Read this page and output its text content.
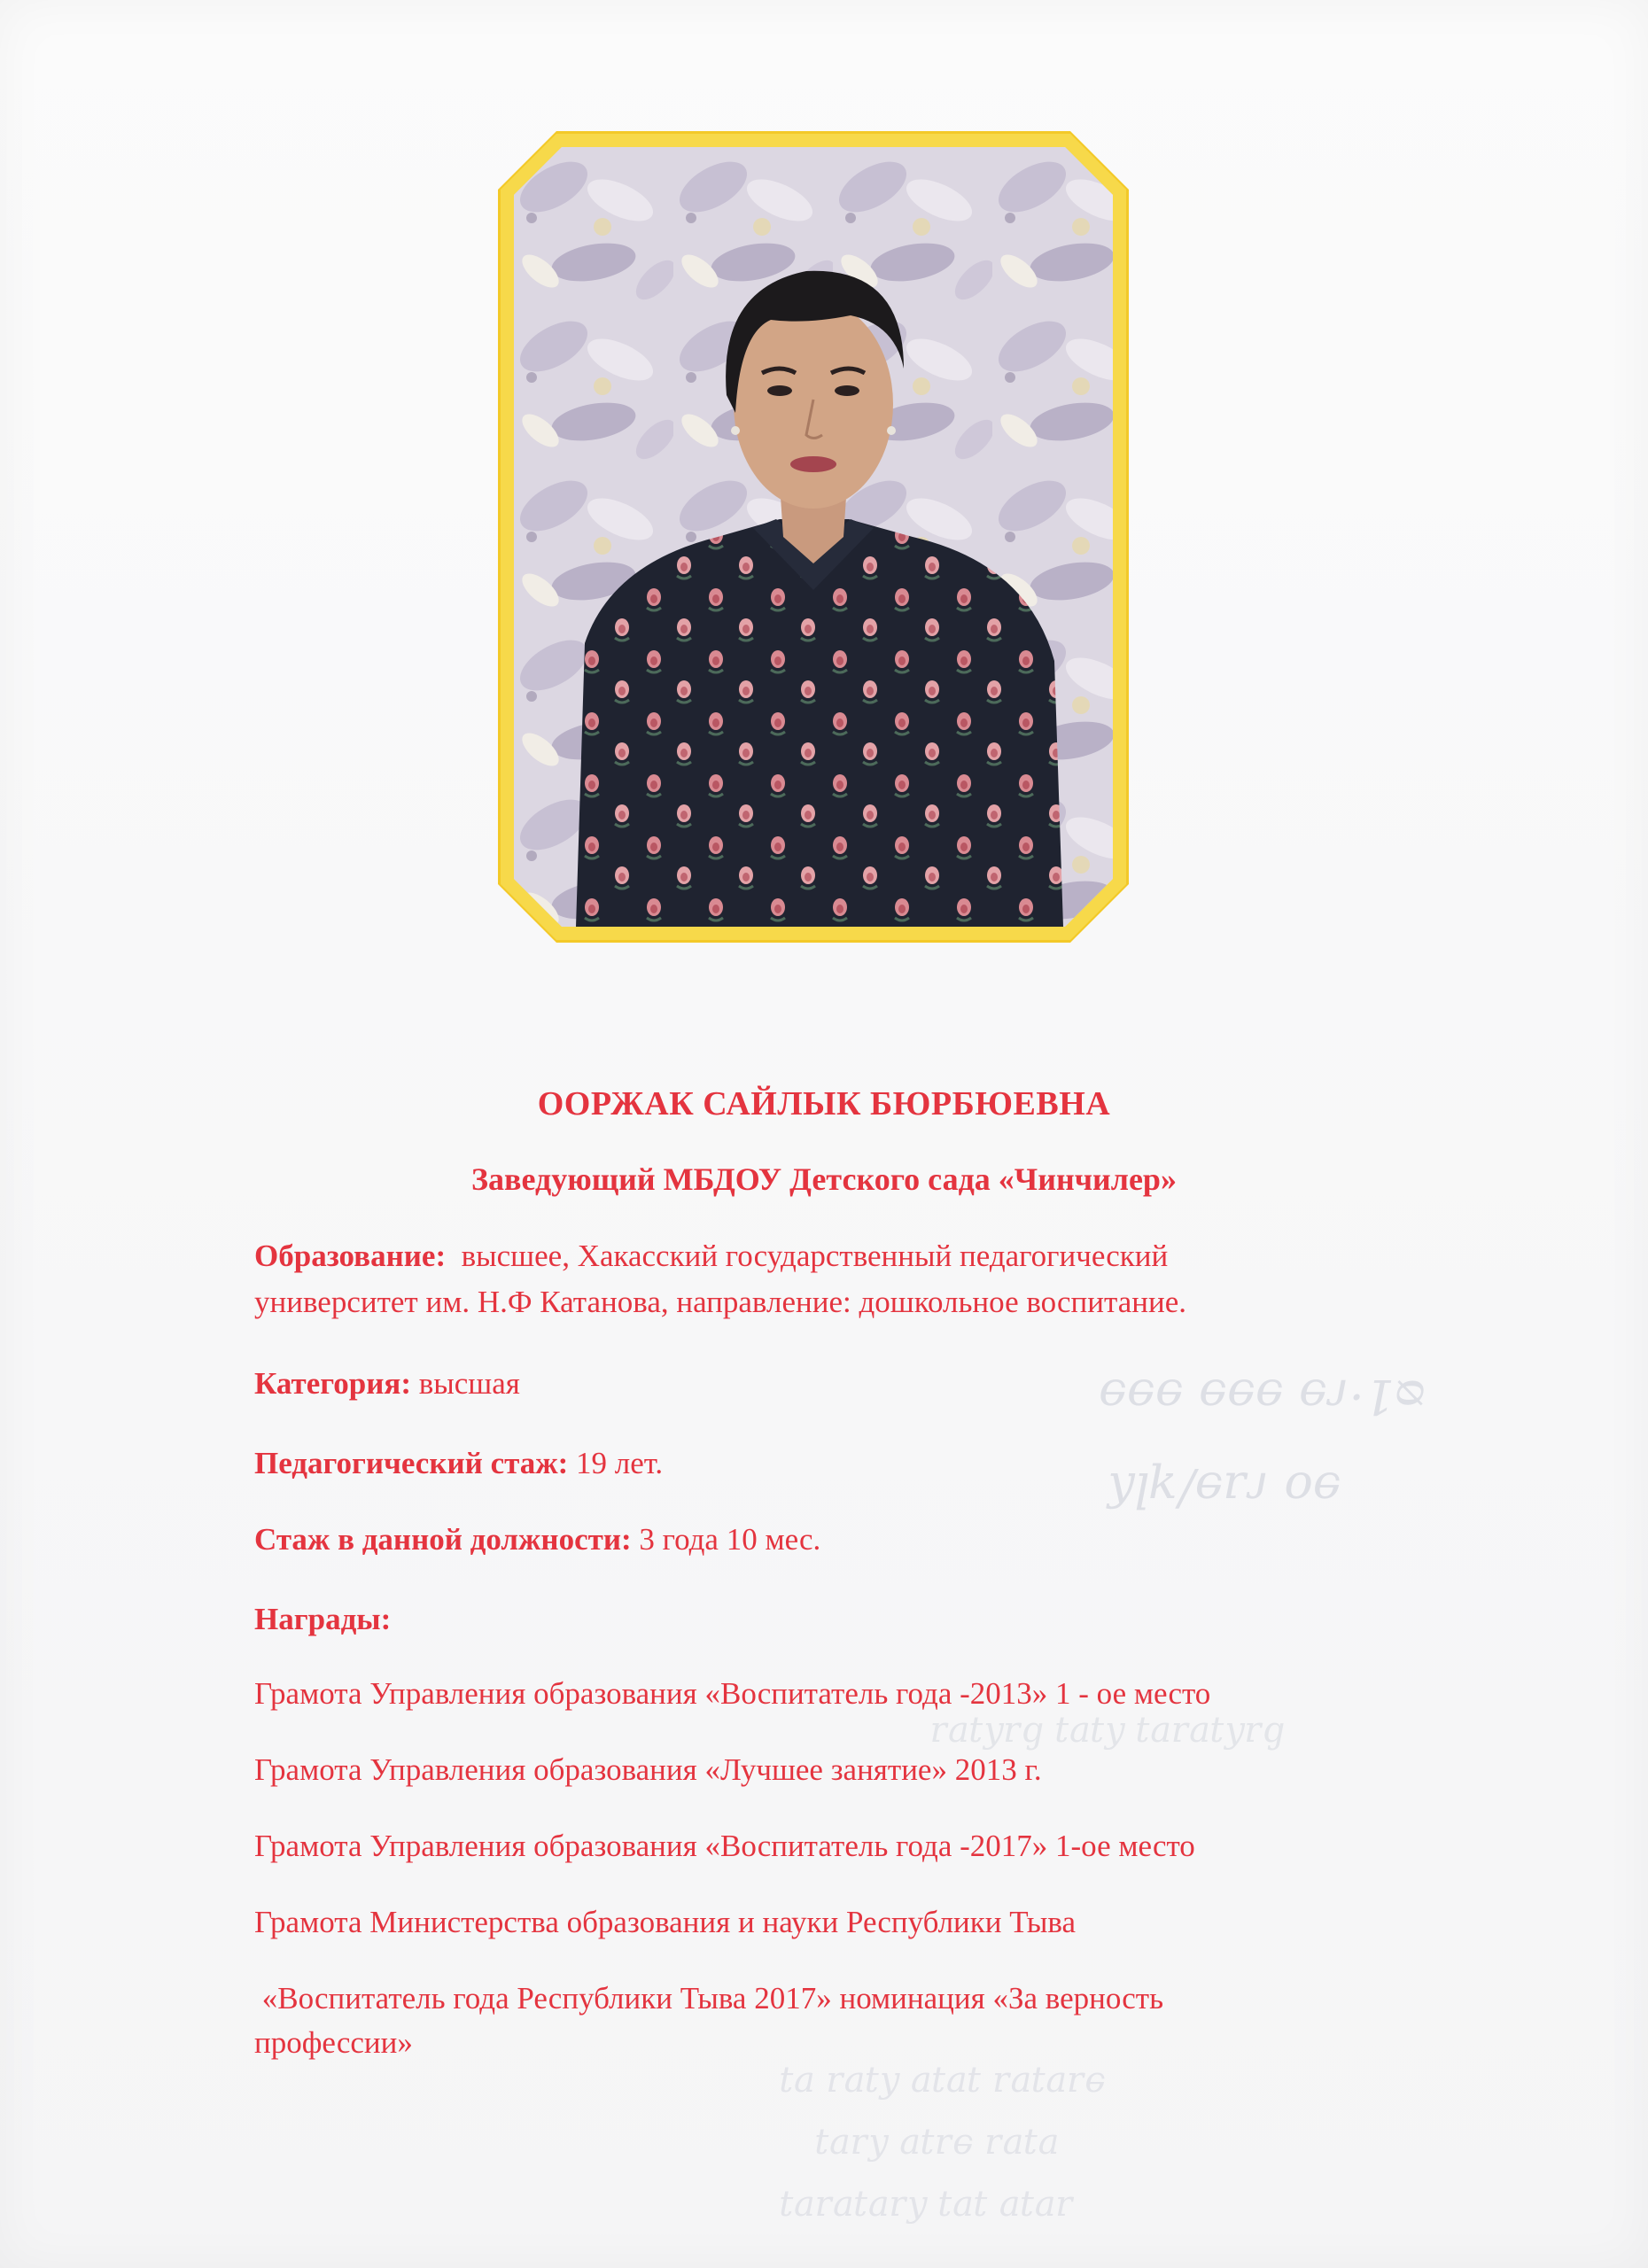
ᴓ1·ɾɘ ɘɘɘ ɘɘɘ
ɘo ɾɹɘ/ʞlʎ
ɓɹʎʇɐɹɐʇ ʎʇɐʇ ɓɹʎʇɐɹ
ɘɹɐʇɐɹ ʇɐʇɐ ʎʇɐɹ ɐʇ
ɐʇɐɹ ɘɹʇɐ ʎɹɐʇ
ɹɐʇɐ ʇɐʇ ʎɹɐʇɐɹɐʇ
ООРЖАК САЙЛЫК БЮРБЮЕВНА
Заведующий МБДОУ Детского сада «Чинчилер»
Образование: высшее, Хакасский государственный педагогический
университет им. Н.Ф Катанова, направление: дошкольное воспитание.
Категория: высшая
Педагогический стаж: 19 лет.
Стаж в данной должности: 3 года 10 мес.
Награды:
Грамота Управления образования «Воспитатель года -2013» 1 - ое место
Грамота Управления образования «Лучшее занятие» 2013 г.
Грамота Управления образования «Воспитатель года -2017» 1-ое место
Грамота Министерства образования и науки Республики Тыва
«Воспитатель года Республики Тыва 2017» номинация «За верность
профессии»
